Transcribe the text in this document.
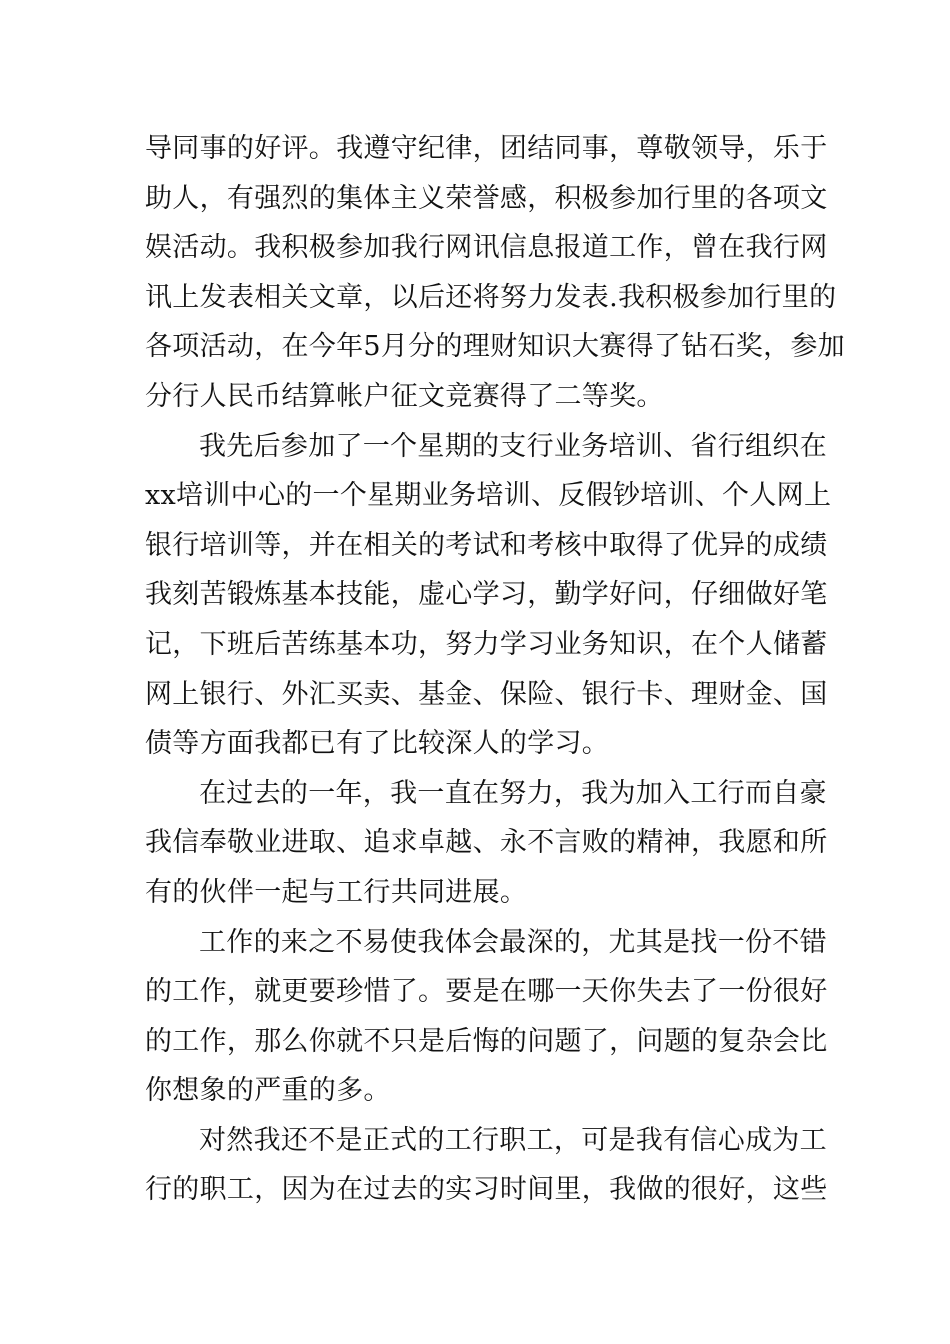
导同事的好评。我遵守纪律，团结同事，尊敬领导，乐于
助人，有强烈的集体主义荣誉感，积极参加行里的各项文
娱活动。我积极参加我行网讯信息报道工作，曾在我行网
讯上发表相关文章，以后还将努力发表.我积极参加行里的
各项活动，在今年5月分的理财知识大赛得了钻石奖，参加
分行人民币结算帐户征文竞赛得了二等奖。
我先后参加了一个星期的支行业务培训、省行组织在
xx培训中心的一个星期业务培训、反假钞培训、个人网上
银行培训等，并在相关的考试和考核中取得了优异的成绩
我刻苦锻炼基本技能，虚心学习，勤学好问，仔细做好笔
记，下班后苦练基本功，努力学习业务知识，在个人储蓄
网上银行、外汇买卖、基金、保险、银行卡、理财金、国
债等方面我都已有了比较深人的学习。
在过去的一年，我一直在努力，我为加入工行而自豪
我信奉敬业进取、追求卓越、永不言败的精神，我愿和所
有的伙伴一起与工行共同进展。
工作的来之不易使我体会最深的，尤其是找一份不错
的工作，就更要珍惜了。要是在哪一天你失去了一份很好
的工作，那么你就不只是后悔的问题了，问题的复杂会比
你想象的严重的多。
对然我还不是正式的工行职工，可是我有信心成为工
行的职工，因为在过去的实习时间里，我做的很好，这些
